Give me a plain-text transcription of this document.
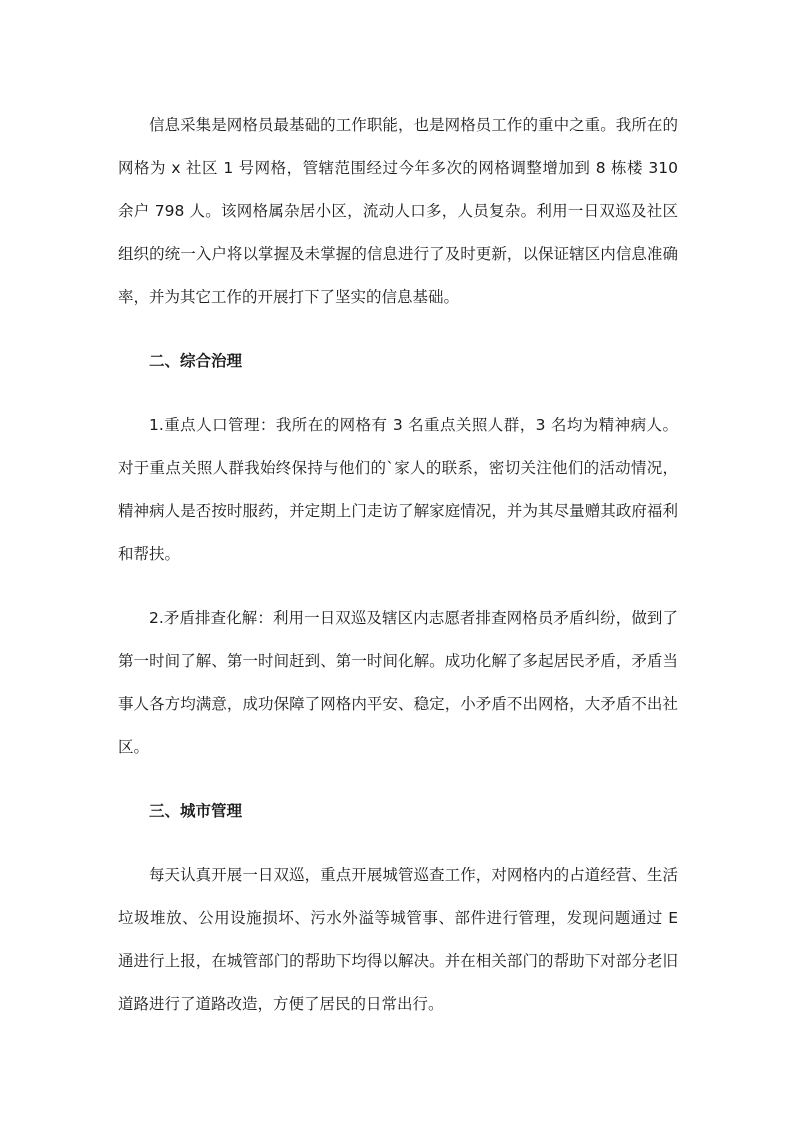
信息采集是网格员最基础的工作职能，也是网格员工作的重中之重。我所在的网格为 x 社区 1 号网格，管辖范围经过今年多次的网格调整增加到 8 栋楼 310 余户 798 人。该网格属杂居小区，流动人口多，人员复杂。利用一日双巡及社区组织的统一入户将以掌握及未掌握的信息进行了及时更新，以保证辖区内信息准确率，并为其它工作的开展打下了坚实的信息基础。

二、综合治理

1.重点人口管理：我所在的网格有 3 名重点关照人群，3 名均为精神病人。对于重点关照人群我始终保持与他们的`家人的联系，密切关注他们的活动情况，精神病人是否按时服药，并定期上门走访了解家庭情况，并为其尽量赠其政府福利和帮扶。

2.矛盾排查化解：利用一日双巡及辖区内志愿者排查网格员矛盾纠纷，做到了第一时间了解、第一时间赶到、第一时间化解。成功化解了多起居民矛盾，矛盾当事人各方均满意，成功保障了网格内平安、稳定，小矛盾不出网格，大矛盾不出社区。

三、城市管理

每天认真开展一日双巡，重点开展城管巡查工作，对网格内的占道经营、生活垃圾堆放、公用设施损坏、污水外溢等城管事、部件进行管理，发现问题通过 E 通进行上报，在城管部门的帮助下均得以解决。并在相关部门的帮助下对部分老旧道路进行了道路改造，方便了居民的日常出行。
